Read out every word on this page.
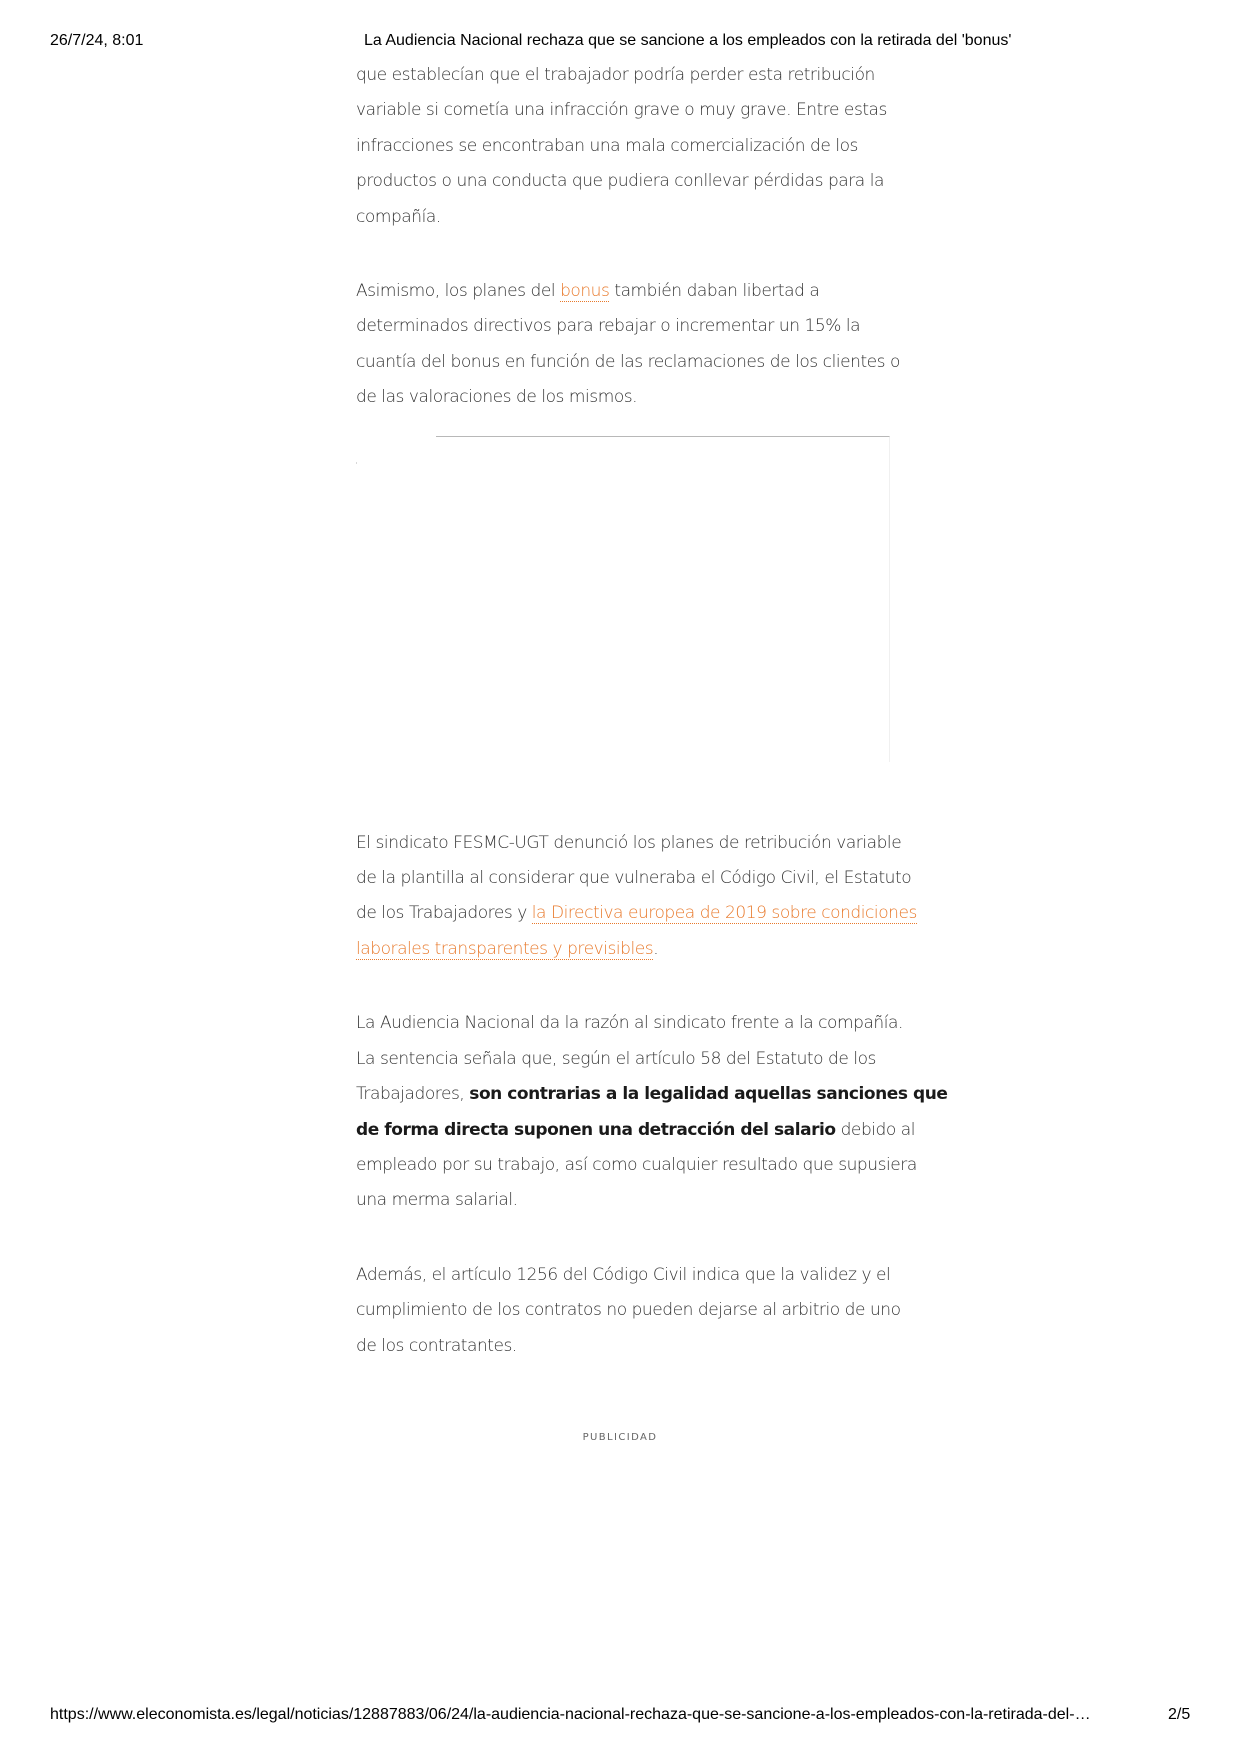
26/7/24, 8:01	La Audiencia Nacional rechaza que se sancione a los empleados con la retirada del 'bonus'

que establecían que el trabajador podría perder esta retribución

variable si cometía una infracción grave o muy grave. Entre estas

infracciones se encontraban una mala comercialización de los

productos o una conducta que pudiera conllevar pérdidas para la

compañía.

Asimismo, los planes del bonus también daban libertad a

determinados directivos para rebajar o incrementar un 15% la

cuantía del bonus en función de las reclamaciones de los clientes o

de las valoraciones de los mismos.

El sindicato FESMC-UGT denunció los planes de retribución variable

de la plantilla al considerar que vulneraba el Código Civil, el Estatuto

de los Trabajadores y la Directiva europea de 2019 sobre condiciones

laborales transparentes y previsibles.

La Audiencia Nacional da la razón al sindicato frente a la compañía.

La sentencia señala que, según el artículo 58 del Estatuto de los

Trabajadores, son contrarias a la legalidad aquellas sanciones que

de forma directa suponen una detracción del salario debido al

empleado por su trabajo, así como cualquier resultado que supusiera

una merma salarial.

Además, el artículo 1256 del Código Civil indica que la validez y el

cumplimiento de los contratos no pueden dejarse al arbitrio de uno

de los contratantes.

PUBLICIDAD
https://www.eleconomista.es/legal/noticias/12887883/06/24/la-audiencia-nacional-rechaza-que-se-sancione-a-los-empleados-con-la-retirada-del-…	2/5
